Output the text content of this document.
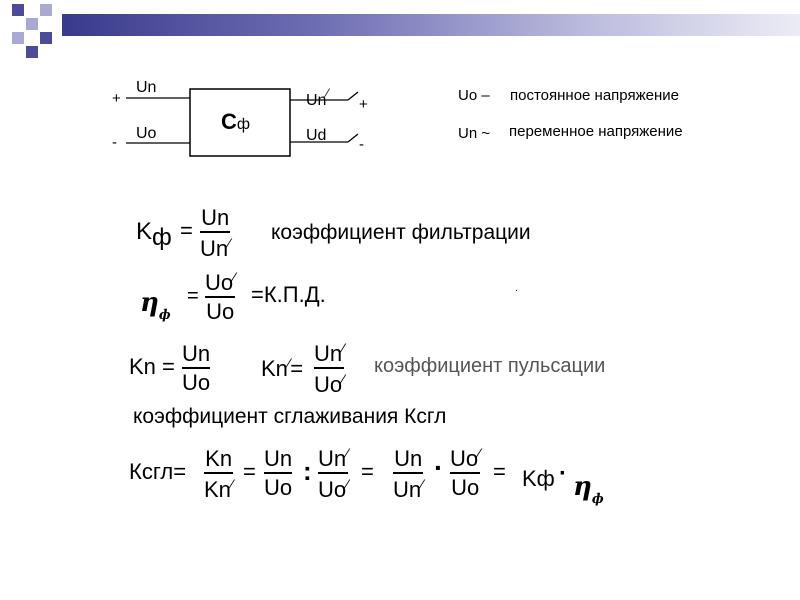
+
-
Un
Uo	Cф
Un⁄
Ud
+
-
Uo – постоянное напряжение
Un ~ переменное напряжение
Kф =
Un
Un⁄ коэффициент фильтрации
$\eta_ф$
=
Uo⁄
Uo
=К.П.Д.	.
Kn =
Un
Uo
Kn⁄=
Un⁄
Uo⁄
коэффициент пульсации
коэффициент сглаживания Ксгл
Ксгл=
Kn
Kn⁄ =
Un
Uo
: Un⁄
Uo⁄ =
Un
Un⁄
· Uo⁄
Uo
= Kф · $\eta_ф$
